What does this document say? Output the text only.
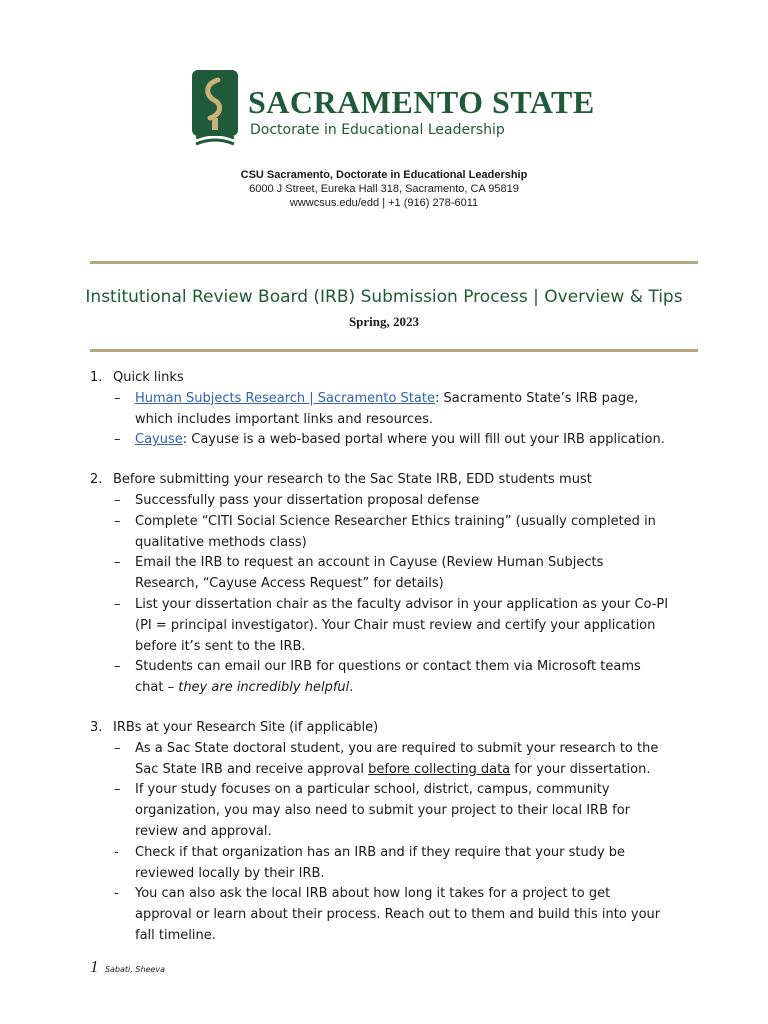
SACRAMENTO STATE
Doctorate in Educational Leadership
CSU Sacramento, Doctorate in Educational Leadership
6000 J Street, Eureka Hall 318, Sacramento, CA 95819
wwwcsus.edu/edd | +1 (916) 278-6011
Institutional Review Board (IRB) Submission Process | Overview & Tips
Spring, 2023
1. Quick links
– Human Subjects Research | Sacramento State: Sacramento State’s IRB page, which includes important links and resources.
– Cayuse: Cayuse is a web-based portal where you will fill out your IRB application.
2. Before submitting your research to the Sac State IRB, EDD students must
– Successfully pass your dissertation proposal defense
– Complete “CITI Social Science Researcher Ethics training” (usually completed in qualitative methods class)
– Email the IRB to request an account in Cayuse (Review Human Subjects Research, “Cayuse Access Request” for details)
– List your dissertation chair as the faculty advisor in your application as your Co-PI (PI = principal investigator). Your Chair must review and certify your application before it’s sent to the IRB.
– Students can email our IRB for questions or contact them via Microsoft teams chat – they are incredibly helpful.
3. IRBs at your Research Site (if applicable)
– As a Sac State doctoral student, you are required to submit your research to the Sac State IRB and receive approval before collecting data for your dissertation.
– If your study focuses on a particular school, district, campus, community organization, you may also need to submit your project to their local IRB for review and approval.
- Check if that organization has an IRB and if they require that your study be reviewed locally by their IRB.
- You can also ask the local IRB about how long it takes for a project to get approval or learn about their process. Reach out to them and build this into your fall timeline.
1 Sabati, Sheeva
